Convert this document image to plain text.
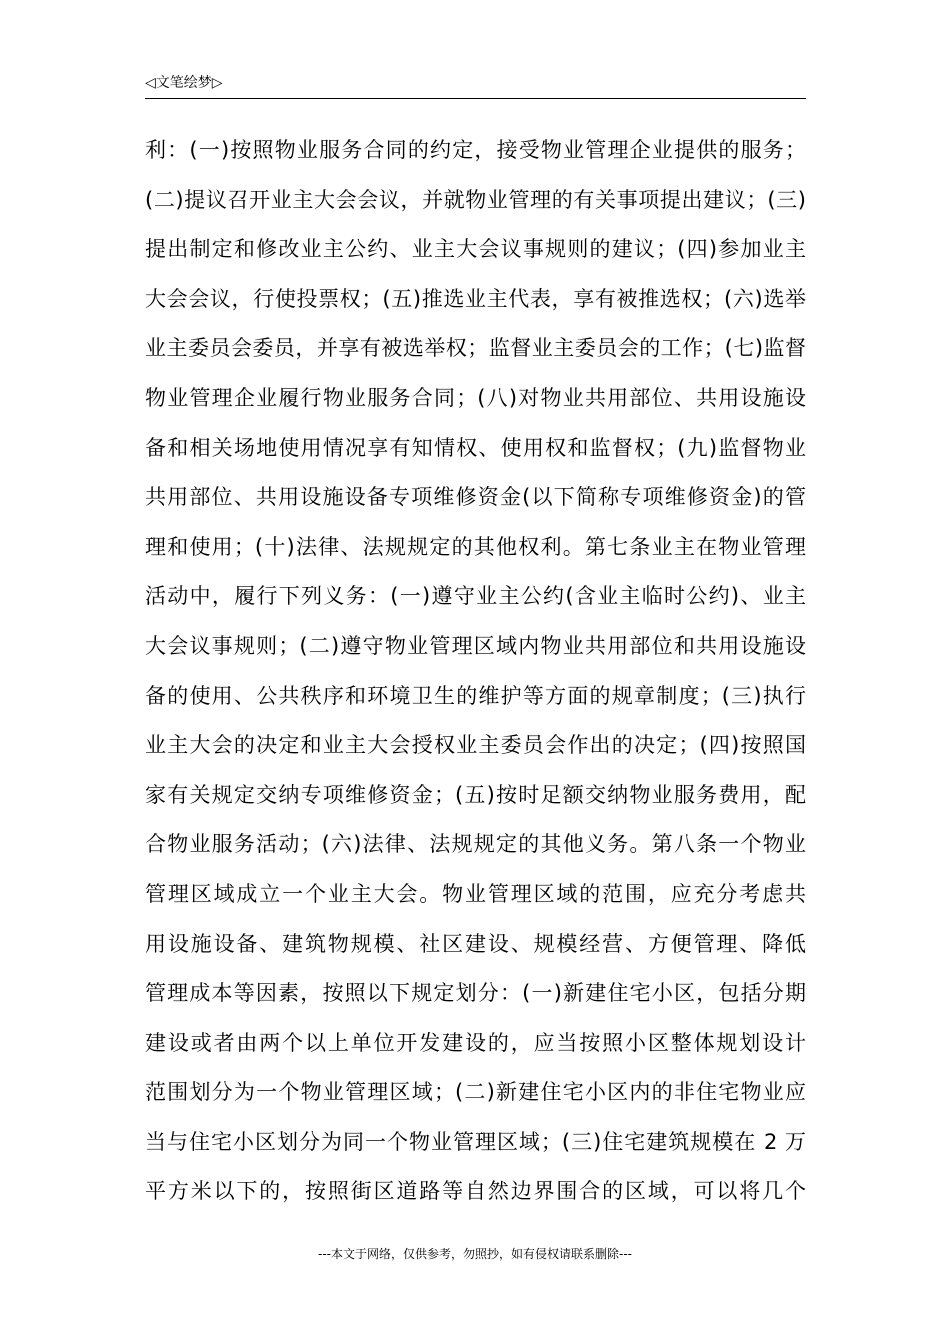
◁文笔绘梦▷
利：(一)按照物业服务合同的约定，接受物业管理企业提供的服务；
(二)提议召开业主大会会议，并就物业管理的有关事项提出建议；(三)
提出制定和修改业主公约、业主大会议事规则的建议；(四)参加业主
大会会议，行使投票权；(五)推选业主代表，享有被推选权；(六)选举
业主委员会委员，并享有被选举权；监督业主委员会的工作；(七)监督
物业管理企业履行物业服务合同；(八)对物业共用部位、共用设施设
备和相关场地使用情况享有知情权、使用权和监督权；(九)监督物业
共用部位、共用设施设备专项维修资金(以下简称专项维修资金)的管
理和使用；(十)法律、法规规定的其他权利。第七条业主在物业管理
活动中，履行下列义务：(一)遵守业主公约(含业主临时公约)、业主
大会议事规则；(二)遵守物业管理区域内物业共用部位和共用设施设
备的使用、公共秩序和环境卫生的维护等方面的规章制度；(三)执行
业主大会的决定和业主大会授权业主委员会作出的决定；(四)按照国
家有关规定交纳专项维修资金；(五)按时足额交纳物业服务费用，配
合物业服务活动；(六)法律、法规规定的其他义务。第八条一个物业
管理区域成立一个业主大会。物业管理区域的范围，应充分考虑共
用设施设备、建筑物规模、社区建设、规模经营、方便管理、降低
管理成本等因素，按照以下规定划分：(一)新建住宅小区，包括分期
建设或者由两个以上单位开发建设的，应当按照小区整体规划设计
范围划分为一个物业管理区域；(二)新建住宅小区内的非住宅物业应
当与住宅小区划分为同一个物业管理区域；(三)住宅建筑规模在 2 万
平方米以下的，按照街区道路等自然边界围合的区域，可以将几个
---本文于网络，仅供参考，勿照抄，如有侵权请联系删除---
